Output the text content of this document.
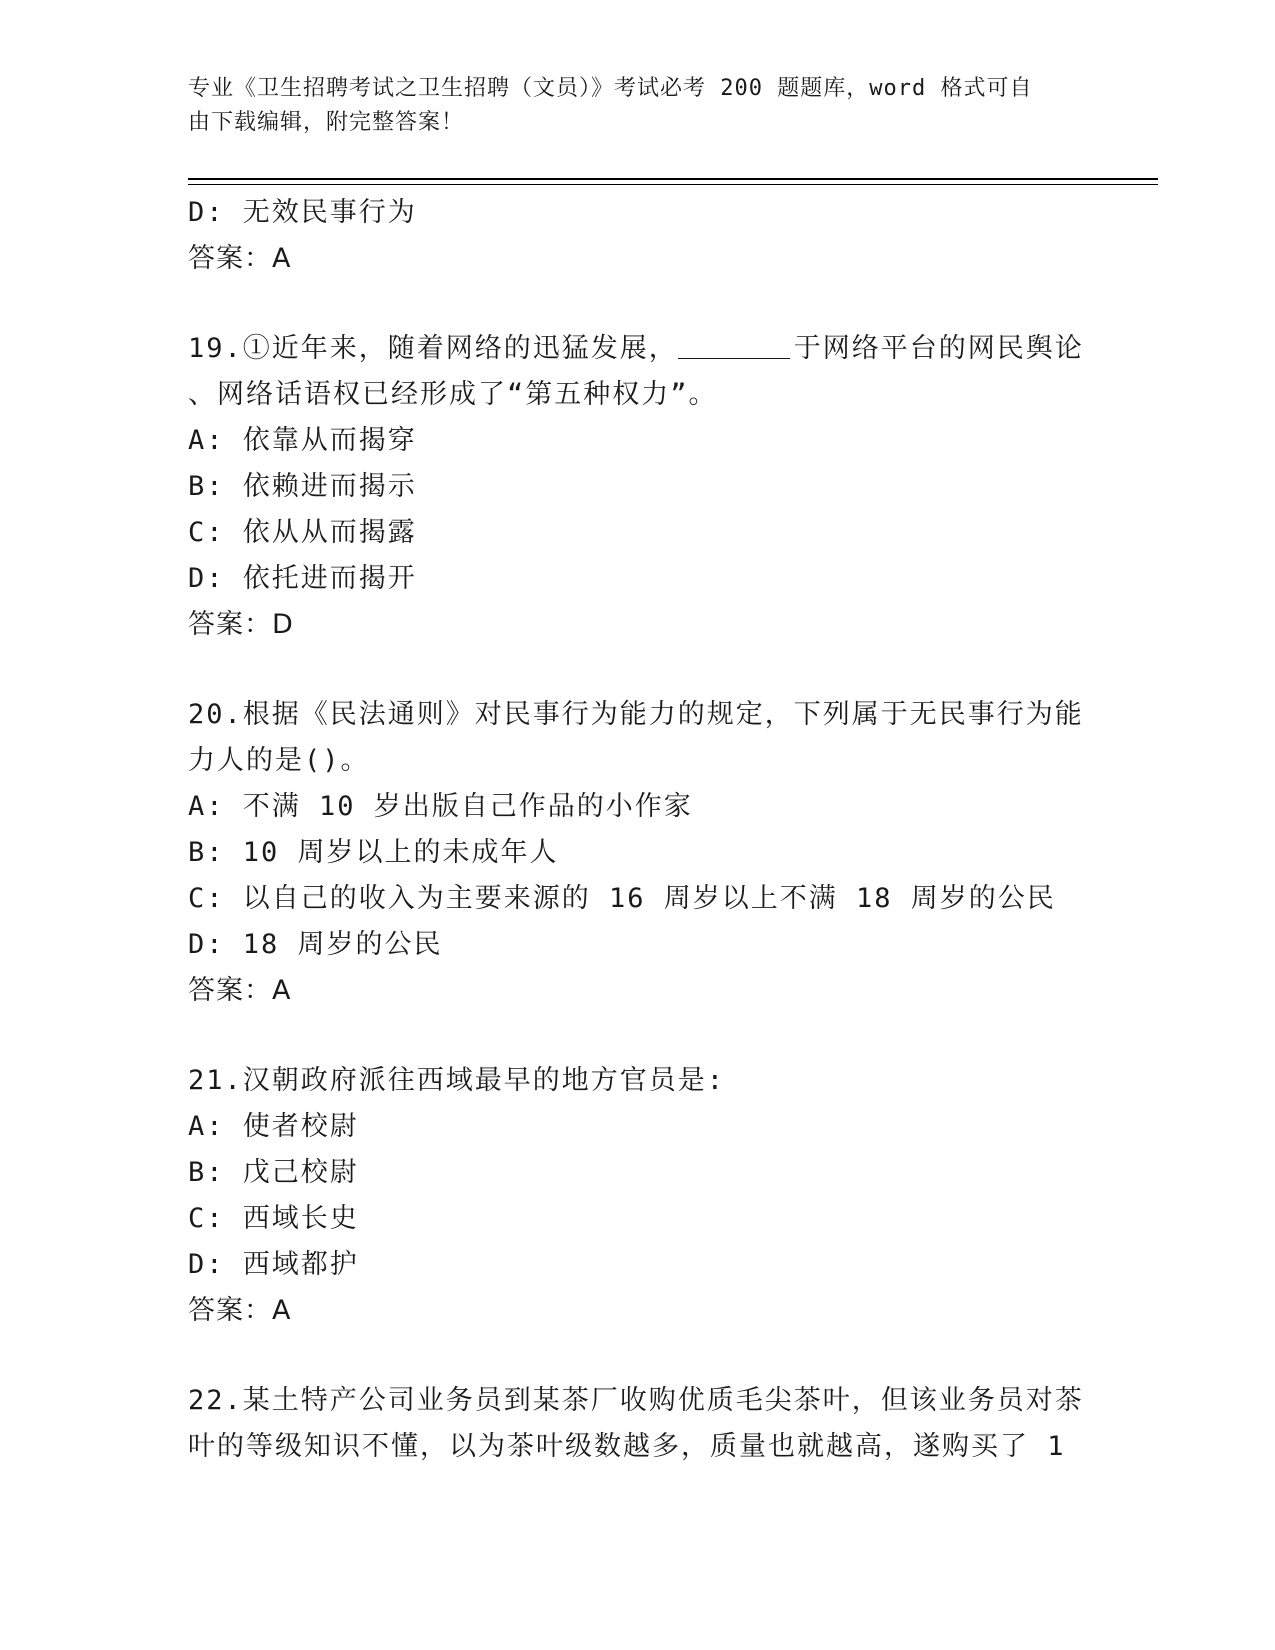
专业《卫生招聘考试之卫生招聘（文员）》考试必考 200 题题库，word 格式可自
由下载编辑，附完整答案！
D: 无效民事行为
答案：A
19.①近年来，随着网络的迅猛发展，	于网络平台的网民舆论
、网络话语权已经形成了“第五种权力”。
A: 依靠从而揭穿
B: 依赖进而揭示
C: 依从从而揭露
D: 依托进而揭开
答案：D
20.根据《民法通则》对民事行为能力的规定，下列属于无民事行为能
力人的是()。
A: 不满 10 岁出版自己作品的小作家
B: 10 周岁以上的未成年人
C: 以自己的收入为主要来源的 16 周岁以上不满 18 周岁的公民
D: 18 周岁的公民
答案：A
21.汉朝政府派往西域最早的地方官员是:
A: 使者校尉
B: 戊己校尉
C: 西域长史
D: 西域都护
答案：A
22.某土特产公司业务员到某茶厂收购优质毛尖茶叶，但该业务员对茶
叶的等级知识不懂，以为茶叶级数越多，质量也就越高，遂购买了 1
